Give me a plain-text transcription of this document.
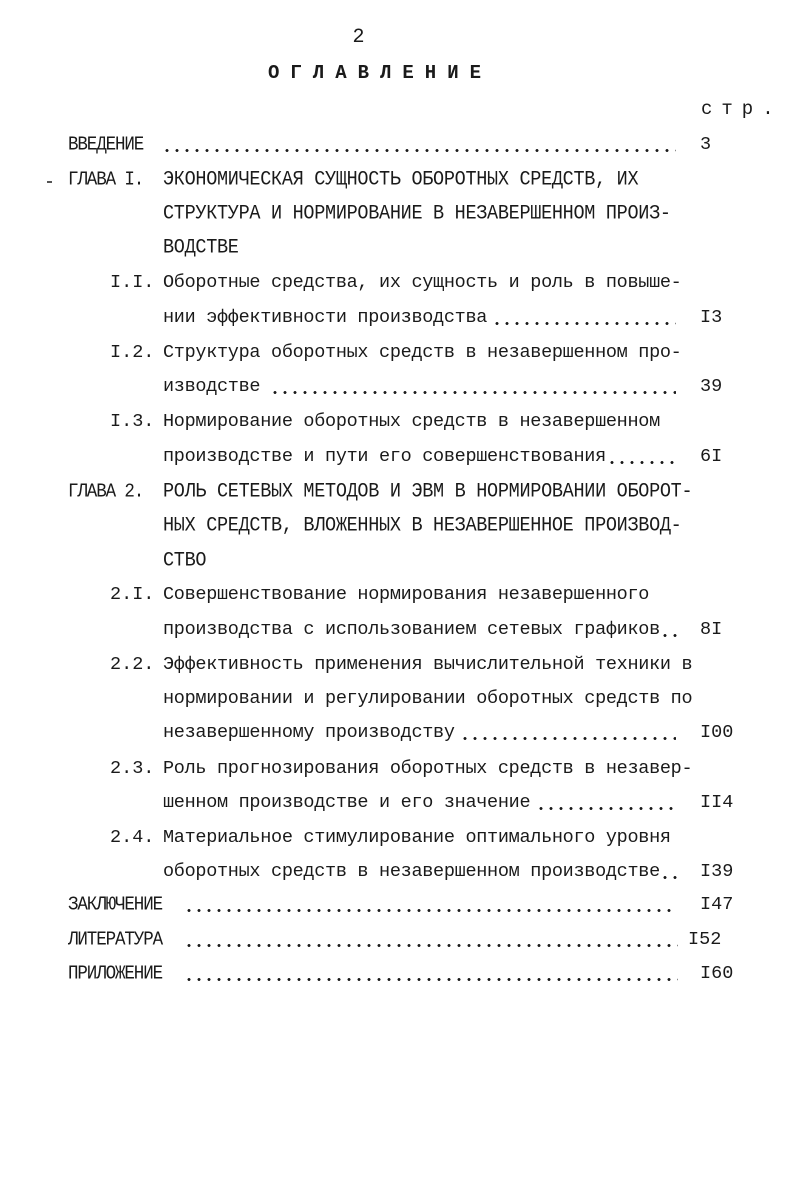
2
ОГЛАВЛЕНИЕ
стр.
ВВЕДЕНИЕ	3
ГЛАВА I. ЭКОНОМИЧЕСКАЯ СУЩНОСТЬ ОБОРОТНЫХ СРЕДСТВ, ИХ
СТРУКТУРА И НОРМИРОВАНИЕ В НЕЗАВЕРШЕННОМ ПРОИЗ-
ВОДСТВЕ
I.I. Оборотные средства, их сущность и роль в повыше-
нии эффективности производства	I3
I.2. Структура оборотных средств в незавершенном про-
изводстве	39
I.3. Нормирование оборотных средств в незавершенном
производстве и пути его совершенствования	6I
ГЛАВА 2. РОЛЬ СЕТЕВЫХ МЕТОДОВ И ЭВМ В НОРМИРОВАНИИ ОБОРОТ-
НЫХ СРЕДСТВ, ВЛОЖЕННЫХ В НЕЗАВЕРШЕННОЕ ПРОИЗВОД-
СТВО
2.I. Совершенствование нормирования незавершенного
производства с использованием сетевых графиков 8I
2.2. Эффективность применения вычислительной техники в
нормировании и регулировании оборотных средств по
незавершенному производству	I00
2.3. Роль прогнозирования оборотных средств в незавер-
шенном производстве и его значение	II4
2.4. Материальное стимулирование оптимального уровня
оборотных средств в незавершенном производстве I39
ЗАКЛЮЧЕНИЕ	I47
ЛИТЕРАТУРА	I52
ПРИЛОЖЕНИЕ	I60
